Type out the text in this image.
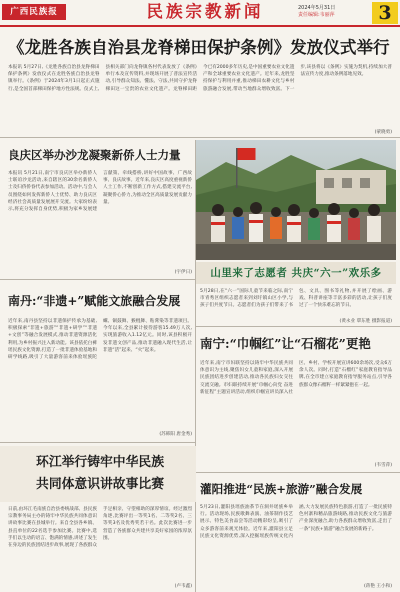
广西民族报	民族宗教新闻	2024年5月31日
责任编辑:韦丽萍	3
《龙胜各族自治县龙脊梯田保护条例》发放仪式举行
本报讯 5月27日,《龙胜各族自治县龙脊梯田保护条例》发放仪式在龙胜各族自治县龙脊镇举行。《条例》于2024年3月1日起正式施行,是全国首部梯田保护地方性法规。仪式上,县相关部门向龙脊镇各村代表发放了《条例》单行本及宣传资料,并现场开展了普法宣传活动,引导群众知法、懂法、守法,共同守护龙脊梯田这一宝贵的农业文化遗产。龙脊梯田距今已有2000多年历史,是中国重要农业文化遗产和全球重要农业文化遗产。近年来,龙胜坚持保护与利用并重,推动梯田农耕文化与乡村旅游融合发展,带动当地群众增收致富。下一步,该县将以《条例》实施为契机,持续加大普法宣传力度,推动条例落地见效。
(蒙晓勇)
良庆区举办沙龙凝聚新侨人士力量
本报讯 5月21日,南宁市良庆区举办新侨人士联谊沙龙活动,来自辖区的30余名新侨人士及归侨侨眷代表参加活动。活动中,与会人员围绕如何发挥新侨人士优势、助力良庆区经济社会高质量发展展开交流。大家纷纷表示,将充分发挥自身优势,积极为家乡发展建言献策、牵线搭桥,讲好中国故事、广西故事、良庆故事。近年来,良庆区高度重视新侨人士工作,不断创新工作方式,搭建交流平台,凝聚侨心侨力,为推动全区高质量发展贡献力量。
(宇伊日)	山里来了志愿者 共庆“六一”欢乐多
5月28日,在“六一”国际儿童节来临之际,南宁市青秀区组织志愿者来到刘圩镇山区小学,与孩子们共度节日。志愿者们为孩子们带来了书包、文具、图书等礼物,并开展了绘画、游戏、科普讲座等丰富多彩的活动,让孩子们度过了一个快乐难忘的节日。
(黄永业 覃东胜 摄影报道)
南丹:“非遗+”赋能文旅融合发展
近年来,南丹县坚持以非遗保护传承为基础,积极探索“非遗+旅游”“非遗+研学”“非遗+文创”等融合发展模式,推动非遗资源活化利用,为乡村振兴注入新动能。该县依托白裤瑶民族文化资源,打造了一批非遗体验基地和研学线路,吸引了大量游客前来体验瑶族陀螺、铜鼓舞、猴棍舞、粘膏染等非遗项目。今年以来,全县累计接待游客15.49万人次,实现旅游收入1.12亿元。同时,该县积极开发非遗文创产品,推动非遗融入现代生活,让非遗“活”起来、“火”起来。
(苏韩阳 唐金秀)
南宁:“巾帼红”让“石榴花”更艳
近年来,南宁市妇联坚持以铸牢中华民族共同体意识为主线,聚焦妇女儿童和家庭,深入开展民族团结进步创建活动,推动各民族妇女交往交流交融。市妇联持续开展“巾帼心向党 奋进新征程”主题宣讲活动,组织巾帼宣讲员深入社区、乡村、学校开展宣讲600余场次,受众6万余人次。同时,打造“石榴红”家庭教育指导品牌,在全市建立家庭教育指导服务站点,引导各族群众像石榴籽一样紧紧抱在一起。
(韦雪萍)
环江举行铸牢中华民族
共同体意识讲故事比赛
日前,由环江毛南族自治县委统战部、县民族宗教事务局主办的铸牢中华民族共同体意识讲故事比赛在县城举行。来自全县各乡镇、县直单位的22名选手参加比赛。比赛中,选手们以生动的语言、饱满的情感,讲述了发生在身边的民族团结进步故事,展现了各族群众手足相亲、守望相助的深厚情谊。经过激烈角逐,比赛评出一等奖1名、二等奖2名、三等奖3名及优秀奖若干名。此次比赛进一步营造了各族群众共建共享美好家园的浓厚氛围。
(卢韦鑫)
灌阳推进“民族+旅游”融合发展
5月23日,灌阳县瑶族油茶节在洞井瑶族乡举行。活动现场,民族歌舞表演、油茶制作技艺展示、特色美食品尝等活动精彩纷呈,吸引了众多游客前来观光体验。近年来,灌阳县立足民族文化资源优势,深入挖掘瑶族传统文化内涵,大力发展民族特色旅游,打造了一批民族特色村寨和精品旅游线路,推动民族文化与旅游产业深度融合,助力各族群众增收致富,走出了一条“民族+旅游”融合发展的新路子。
(蒋艳 王小和)
